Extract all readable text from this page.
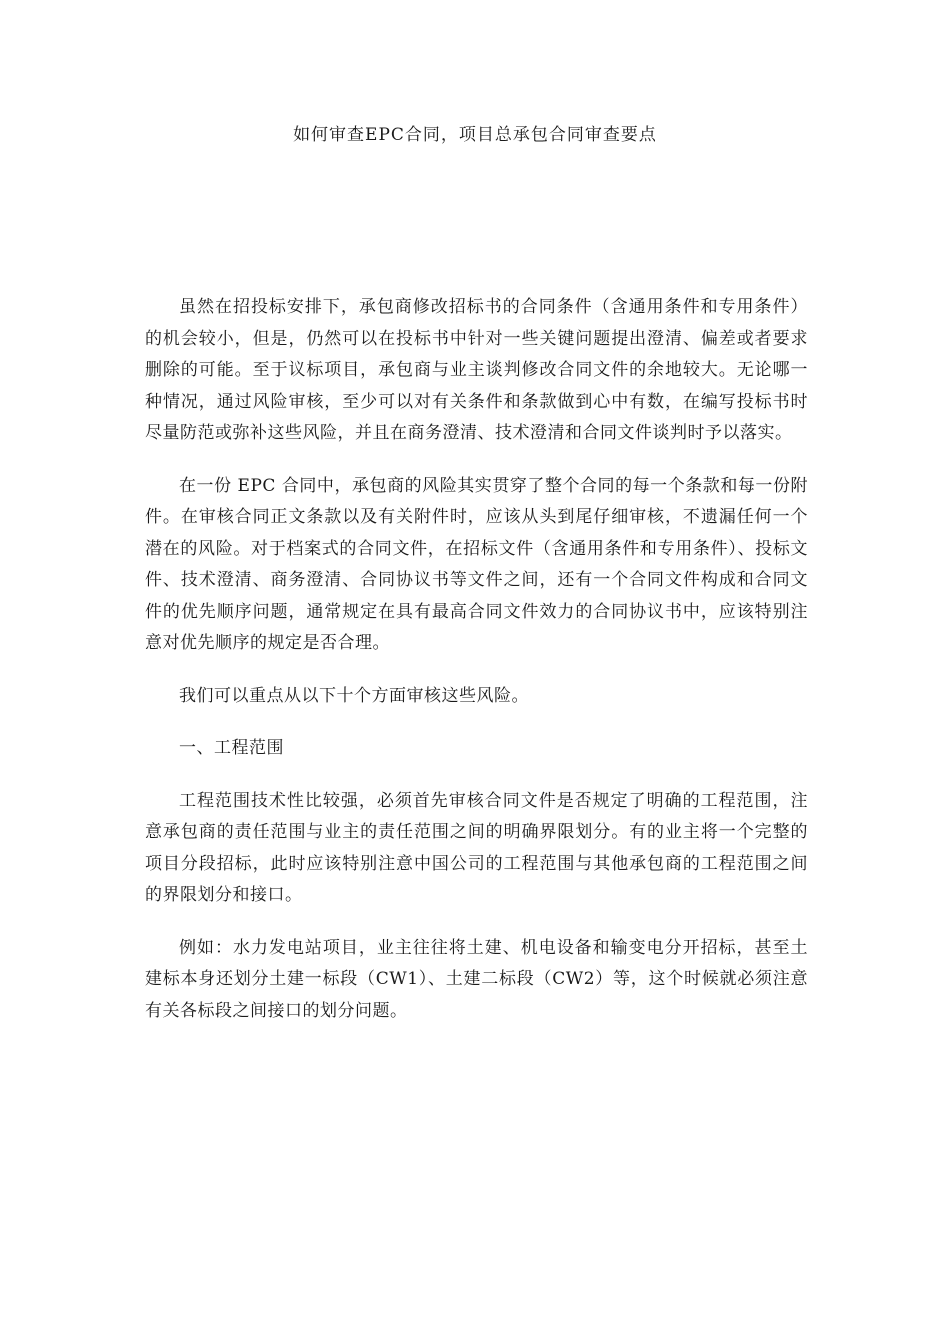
如何审查EPC合同，项目总承包合同审查要点

虽然在招投标安排下，承包商修改招标书的合同条件（含通用条件和专用条件）的机会较小，但是，仍然可以在投标书中针对一些关键问题提出澄清、偏差或者要求删除的可能。至于议标项目，承包商与业主谈判修改合同文件的余地较大。无论哪一种情况，通过风险审核，至少可以对有关条件和条款做到心中有数，在编写投标书时尽量防范或弥补这些风险，并且在商务澄清、技术澄清和合同文件谈判时予以落实。

在一份 EPC 合同中，承包商的风险其实贯穿了整个合同的每一个条款和每一份附件。在审核合同正文条款以及有关附件时，应该从头到尾仔细审核，不遗漏任何一个潜在的风险。对于档案式的合同文件，在招标文件（含通用条件和专用条件）、投标文件、技术澄清、商务澄清、合同协议书等文件之间，还有一个合同文件构成和合同文件的优先顺序问题，通常规定在具有最高合同文件效力的合同协议书中，应该特别注意对优先顺序的规定是否合理。

我们可以重点从以下十个方面审核这些风险。

一、工程范围

工程范围技术性比较强，必须首先审核合同文件是否规定了明确的工程范围，注意承包商的责任范围与业主的责任范围之间的明确界限划分。有的业主将一个完整的项目分段招标，此时应该特别注意中国公司的工程范围与其他承包商的工程范围之间的界限划分和接口。

例如：水力发电站项目，业主往往将土建、机电设备和输变电分开招标，甚至土建标本身还划分土建一标段（CW1）、土建二标段（CW2）等，这个时候就必须注意有关各标段之间接口的划分问题。
